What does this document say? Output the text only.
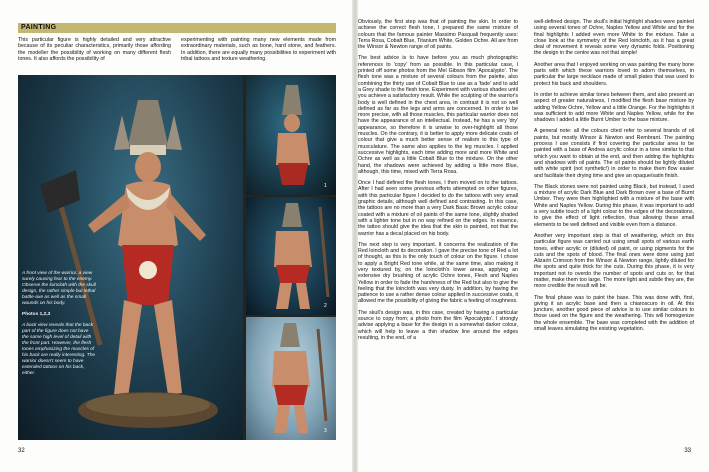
PAINTING

This particular figure is highly detailed and very attractive because of its peculiar characteristics, primarily those affording the modeller the possibility of working on many different flesh tones. It also affords the possibility of

experimenting with painting many new elements made from extraordinary materials, such as bone, hard stone, and feathers. In addition, there are equally many possibilities to experiment with tribal tattoos and texture weathering.

A front view of the warrior, a view surely causing fear to the enemy. Observe the loincloth with the skull design, the rather simple but lethal battle-axe as well as the small wounds on his body.

Photos 1,2,3

A back view reveals that the back part of the figure does not have the same high level of detail with the front part. However, the flesh tones emphasizing the muscles of his back are really interesting. The warrior doesn't seem to have extended tattoos on his back, either.

1
2
3
32

Obviously, the first step was that of painting the skin. In order to achieve the correct flesh tone, I prepared the same mixture of colours that the famous painter Massimo Pasquali frequently uses: Terra Rosa, Cobalt Blue, Titanium White, Golden Ochre. All are from the Winsor & Newton range of oil paints.

The best advice is to have before you as much photographic references to 'copy' from as possible. In this particular case, I printed off some photos from the Mel Gibson film 'Apocalypto'. The flesh tone was a mixture of several colours from the palette, also combining the thirty use of Cobalt Blue to use as a 'fade' and to add a Grey shade to the flesh tone. Experiment with various shades until you achieve a satisfactory result. While the sculpting of the warrior's body is well defined in the chest area, in contrast it is not so well defined as far as the legs and arms are concerned. In order to be more precise, with all those muscles, this particular warrior does not have the appearance of an intellectual. Instead, he has a very 'dry' appearance, so therefore it is unwise to over-highlight all those muscles. On the contrary, it is better to apply more delicate coats of colour that give a much better sense of realism to this type of musculature. The same also applies to the leg muscles. I applied successive highlights, each time adding more and more White and Ochre as well as a little Cobalt Blue to the mixture. On the other hand, the shadows were achieved by adding a little more Blue, although, this time, mixed with Terra Rosa.

Once I had defined the flesh tones, I then moved on to the tattoos. After I had seen some previous efforts attempted on other figures, with this particular figure I decided to do the tattoos with very small graphic details, although well defined and contrasting. In this case, the tattoos are no more than a very Dark Basic Brown acrylic colour coated with a mixture of oil paints of the same tone, slightly shaded with a lighter tone but in no way refined on the edges. In essence, the tattoo should give the idea that the skin is painted, not that the warrior has a decal placed on his body.

The next step is very important. It concerns the realization of the Red loincloth and its decoration. I gave the precise tone of Red a lot of thought, as this is the only touch of colour on the figure. I chose to apply a Bright Red tone while, at the same time, also making it very textured by, on the loincloth's lower areas, applying an extensive dry brushing of acrylic Ochre tones, Flesh and Naples Yellow in order to fade the harshness of the Red but also to give the feeling that the loincloth was very dusty. In addition, by having the patience to use a rather dense colour applied in successive coats, it allowed me the possibility of giving the fabric a feeling of roughness.

The skull's design was, in this case, created by having a particular source to copy from; a photo from the film 'Apocalypto'. I strongly advise applying a base for the design in a somewhat darker colour, which will help to leave a thin shadow line around the edges resulting, in the end, of a

well-defined design. The skull's initial highlight shades were painted using several tones of Ochre, Naples Yellow and White and for the final highlights I added even more White to the mixture. Take a close look at the symmetry of the Red loincloth, as it has a great deal of movement it reveals some very dynamic folds. Positioning the design in the centre was not that simple!

Another area that I enjoyed working on was painting the many bone parts with which these warriors loved to adorn themselves, in particular the large necklace made of small plates that was used to protect his back and shoulders.

In order to achieve similar tones between them, and also present an aspect of greater naturalness, I modified the flesh base mixture by adding Yellow Ochre, Yellow and a little Orange. For the highlights it was sufficient to add more White and Naples Yellow, while for the shadows I added a little Burnt Umber to the base mixture.

A general note: all the colours cited refer to several brands of oil paints, but mostly Winsor & Newton and Rembrant. The painting process I use consists if first covering the particular area to be painted with a base of Andrea acrylic colour in a tone similar to that which you want to obtain at the end, and then adding the highlights and shadows with oil paints. The oil paints should be lightly diluted with white spirit (not synthetic!) in order to make them flow easier and facilitate their drying time and give an opaque/satin finish.

The Black stones were not painted using Black, but instead, I used a mixture of acrylic Dark Blue and Dark Brown over a base of Burnt Umber. They were then highlighted with a mixture of the base with White and Naples Yellow. During this phase, it was important to add a very subtle touch of a light colour to the edges of the decorations, to give the effect of light reflection, thus allowing these small elements to be well defined and visible even from a distance.

Another very important step is that of weathering, which on this particular figure was carried out using small spots of various earth tones, either acrylic or (diluted) oil paint, or using pigments for the cuts and the spots of blood. The final ones were done using just Alizarin Crimson from the Winsor & Newton range, lightly diluted for the spots and quite thick for the cuts. During this phase, it is very important not to overdo the number of spots and cuts or, for that matter, make them too large. The more light and subtle they are, the more credible the result will be.

The final phase was to paint the base. This was done with, first, giving it an acrylic base and then a chiaroscuro in oil. At this juncture, another good piece of advice is to use similar colours to those used on the figure and the weathering. This will homogenize the whole ensemble. The base was completed with the addition of small leaves simulating the existing vegetation.

33
